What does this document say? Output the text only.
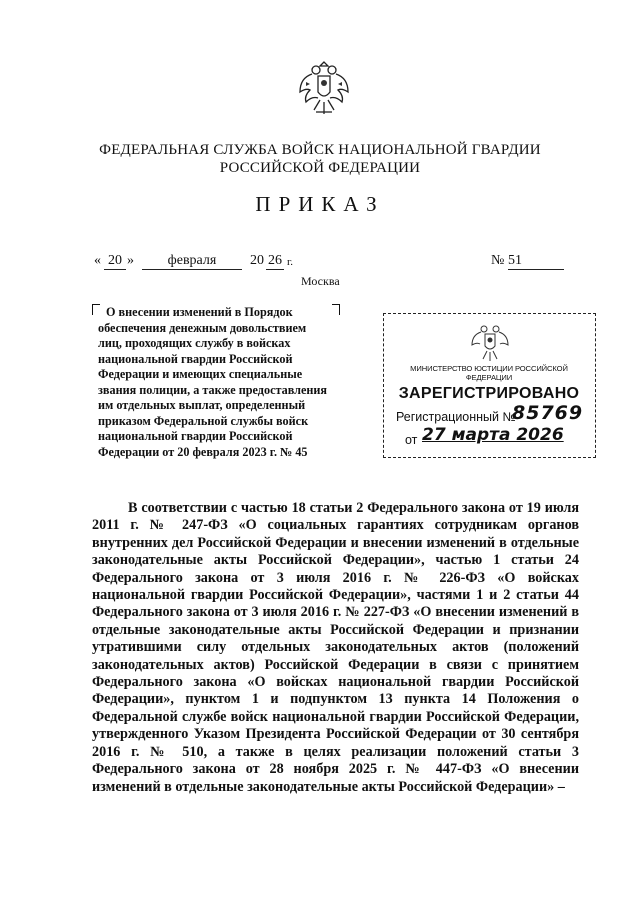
ФЕДЕРАЛЬНАЯ СЛУЖБА ВОЙСК НАЦИОНАЛЬНОЙ ГВАРДИИ
РОССИЙСКОЙ ФЕДЕРАЦИИ
ПРИКАЗ
« 20 »	февраля	20 26 г.	№ 51
Москва
О внесении изменений в Порядок
обеспечения денежным довольствием
лиц, проходящих службу в войсках
национальной гвардии Российской
Федерации и имеющих специальные
звания полиции, а также предоставления
им отдельных выплат, определенный
приказом Федеральной службы войск
национальной гвардии Российской
Федерации от 20 февраля 2023 г. № 45
МИНИСТЕРСТВО ЮСТИЦИИ РОССИЙСКОЙ ФЕДЕРАЦИИ
ЗАРЕГИСТРИРОВАНО
Регистрационный №
85769
от 27 марта 2026

В соответствии с частью 18 статьи 2 Федерального закона от 19 июля 2011 г. № 247-ФЗ «О социальных гарантиях сотрудникам органов внутренних дел Российской Федерации и внесении изменений в отдельные законодательные акты Российской Федерации», частью 1 статьи 24 Федерального закона от 3 июля 2016 г. № 226-ФЗ «О войсках национальной гвардии Российской Федерации», частями 1 и 2 статьи 44 Федерального закона от 3 июля 2016 г. № 227-ФЗ «О внесении изменений в отдельные законодательные акты Российской Федерации и признании утратившими силу отдельных законодательных актов (положений законодательных актов) Российской Федерации в связи с принятием Федерального закона «О войсках национальной гвардии Российской Федерации», пунктом 1 и подпунктом 13 пункта 14 Положения о Федеральной службе войск национальной гвардии Российской Федерации, утвержденного Указом Президента Российской Федерации от 30 сентября 2016 г. № 510, а также в целях реализации положений статьи 3 Федерального закона от 28 ноября 2025 г. № 447-ФЗ «О внесении изменений в отдельные законодательные акты Российской Федерации» –
